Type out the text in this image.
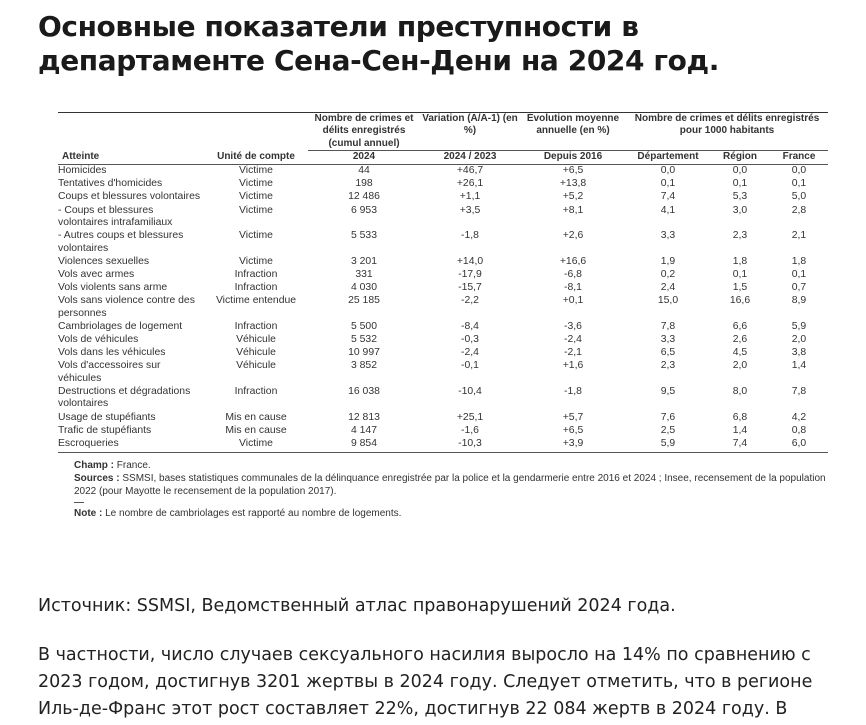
Основные показатели преступности в департаменте Сена-Сен-Дени на 2024 год.
		Nombre de crimes et délits enregistrés (cumul annuel)	Variation (A/A-1) (en %)	Évolution moyenne annuelle (en %)	Nombre de crimes et délits enregistrés pour 1000 habitants		
Atteinte	Unité de compte	2024	2024 / 2023	Depuis 2016	Département	Région	France
Homicides	Victime	44	+46,7	+6,5	0,0	0,0	0,0
Tentatives d'homicides	Victime	198	+26,1	+13,8	0,1	0,1	0,1
Coups et blessures volontaires	Victime	12 486	+1,1	+5,2	7,4	5,3	5,0
- Coups et blessures volontaires intrafamiliaux	Victime	6 953	+3,5	+8,1	4,1	3,0	2,8
- Autres coups et blessures volontaires	Victime	5 533	-1,8	+2,6	3,3	2,3	2,1
Violences sexuelles	Victime	3 201	+14,0	+16,6	1,9	1,8	1,8
Vols avec armes	Infraction	331	-17,9	-6,8	0,2	0,1	0,1
Vols violents sans arme	Infraction	4 030	-15,7	-8,1	2,4	1,5	0,7
Vols sans violence contre des personnes	Victime entendue	25 185	-2,2	+0,1	15,0	16,6	8,9
Cambriolages de logement	Infraction	5 500	-8,4	-3,6	7,8	6,6	5,9
Vols de véhicules	Véhicule	5 532	-0,3	-2,4	3,3	2,6	2,0
Vols dans les véhicules	Véhicule	10 997	-2,4	-2,1	6,5	4,5	3,8
Vols d'accessoires sur véhicules	Véhicule	3 852	-0,1	+1,6	2,3	2,0	1,4
Destructions et dégradations volontaires	Infraction	16 038	-10,4	-1,8	9,5	8,0	7,8
Usage de stupéfiants	Mis en cause	12 813	+25,1	+5,7	7,6	6,8	4,2
Trafic de stupéfiants	Mis en cause	4 147	-1,6	+6,5	2,5	1,4	0,8
Escroqueries	Victime	9 854	-10,3	+3,9	5,9	7,4	6,0
Champ : France.
Sources : SSMSI, bases statistiques communales de la délinquance enregistrée par la police et la gendarmerie entre 2016 et 2024 ; Insee, recensement de la population 2022 (pour Mayotte le recensement de la population 2017).
Note : Le nombre de cambriolages est rapporté au nombre de logements.
Источник: SSMSI, Ведомственный атлас правонарушений 2024 года.

В частности, число случаев сексуального насилия выросло на 14% по сравнению с 2023 годом, достигнув 3201 жертвы в 2024 году. Следует отметить, что в регионе Иль-де-Франс этот рост составляет 22%, достигнув 22 084 жертв в 2024 году. В
